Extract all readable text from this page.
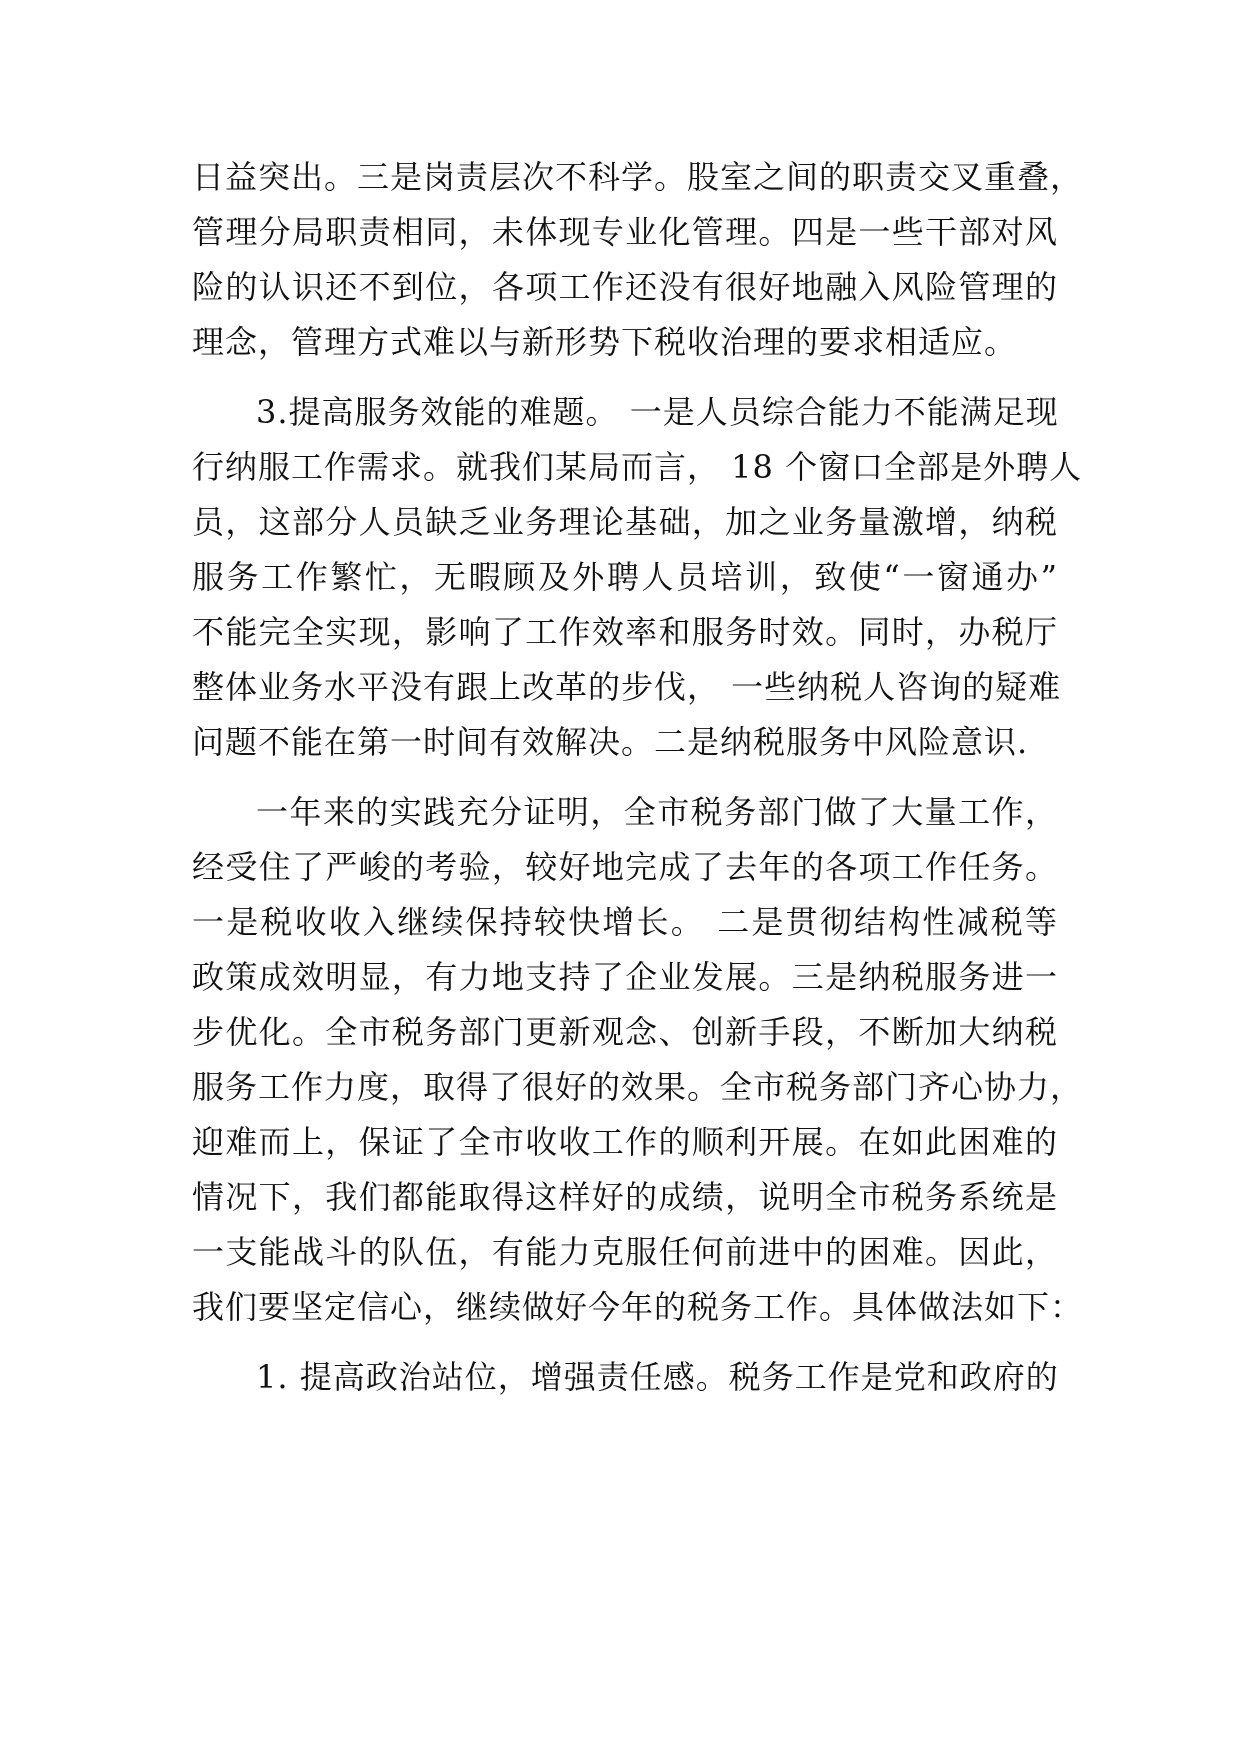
日益突出。三是岗责层次不科学。股室之间的职责交叉重叠，
管理分局职责相同，未体现专业化管理。四是一些干部对风
险的认识还不到位，各项工作还没有很好地融入风险管理的
理念，管理方式难以与新形势下税收治理的要求相适应。
3.提高服务效能的难题。 一是人员综合能力不能满足现
行纳服工作需求。就我们某局而言， 18 个窗口全部是外聘人
员，这部分人员缺乏业务理论基础，加之业务量激增，纳税
服务工作繁忙，无暇顾及外聘人员培训，致使“一窗通办”
不能完全实现，影响了工作效率和服务时效。同时，办税厅
整体业务水平没有跟上改革的步伐， 一些纳税人咨询的疑难
问题不能在第一时间有效解决。二是纳税服务中风险意识.
一年来的实践充分证明，全市税务部门做了大量工作，
经受住了严峻的考验，较好地完成了去年的各项工作任务。
一是税收收入继续保持较快增长。 二是贯彻结构性减税等
政策成效明显，有力地支持了企业发展。三是纳税服务进一
步优化。全市税务部门更新观念、创新手段，不断加大纳税
服务工作力度，取得了很好的效果。全市税务部门齐心协力，
迎难而上，保证了全市收收工作的顺利开展。在如此困难的
情况下，我们都能取得这样好的成绩，说明全市税务系统是
一支能战斗的队伍，有能力克服任何前进中的困难。因此，
我们要坚定信心，继续做好今年的税务工作。具体做法如下：
1. 提高政治站位，增强责任感。税务工作是党和政府的
